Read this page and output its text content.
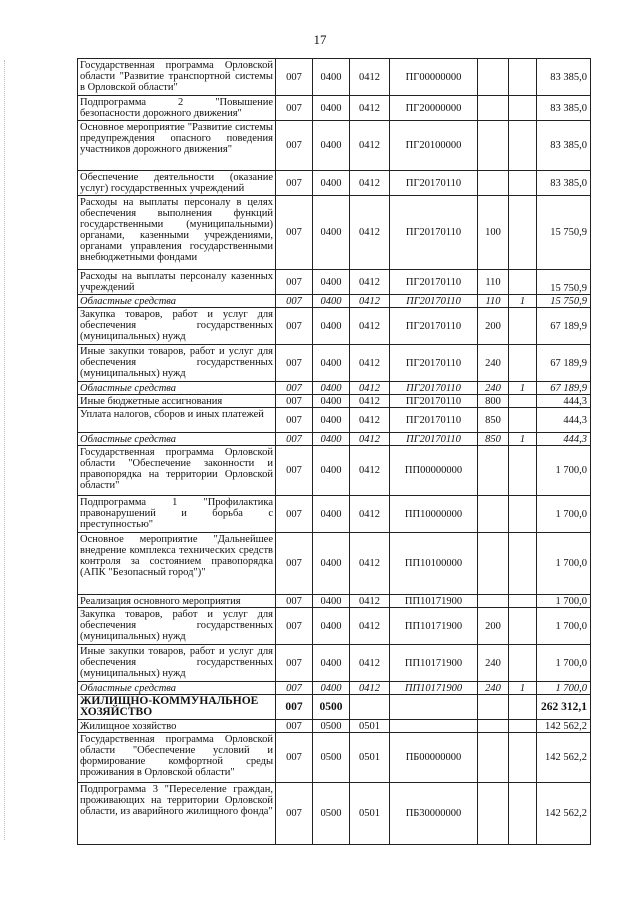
17
Государственная программа Орловской области "Развитие транспортной системы в Орловской области"	007	0400	0412	ПГ00000000			83 385,0
Подпрограмма 2 "Повышение безопасности дорожного движения"	007	0400	0412	ПГ20000000			83 385,0
Основное мероприятие "Развитие системы предупреждения опасного поведения участников дорожного движения"	007	0400	0412	ПГ20100000			83 385,0
Обеспечение деятельности (оказание услуг) государственных учреждений	007	0400	0412	ПГ20170110			83 385,0
Расходы на выплаты персоналу в целях обеспечения выполнения функций государственными (муниципальными) органами, казенными учреждениями, органами управления государственными внебюджетными фондами	007	0400	0412	ПГ20170110	100		15 750,9
Расходы на выплаты персоналу казенных учреждений	007	0400	0412	ПГ20170110	110		15 750,9
Областные средства	007	0400	0412	ПГ20170110	110	1	15 750,9
Закупка товаров, работ и услуг для обеспечения государственных (муниципальных) нужд	007	0400	0412	ПГ20170110	200		67 189,9
Иные закупки товаров, работ и услуг для обеспечения государственных (муниципальных) нужд	007	0400	0412	ПГ20170110	240		67 189,9
Областные средства	007	0400	0412	ПГ20170110	240	1	67 189,9
Иные бюджетные ассигнования	007	0400	0412	ПГ20170110	800		444,3
Уплата налогов, сборов и иных платежей	007	0400	0412	ПГ20170110	850		444,3
Областные средства	007	0400	0412	ПГ20170110	850	1	444,3
Государственная программа Орловской области "Обеспечение законности и правопорядка на территории Орловской области"	007	0400	0412	ПП00000000			1 700,0
Подпрограмма 1 "Профилактика правонарушений и борьба с преступностью"	007	0400	0412	ПП10000000			1 700,0
Основное мероприятие "Дальнейшее внедрение комплекса технических средств контроля за состоянием правопорядка (АПК "Безопасный город")"	007	0400	0412	ПП10100000			1 700,0
Реализация основного мероприятия	007	0400	0412	ПП10171900			1 700,0
Закупка товаров, работ и услуг для обеспечения государственных (муниципальных) нужд	007	0400	0412	ПП10171900	200		1 700,0
Иные закупки товаров, работ и услуг для обеспечения государственных (муниципальных) нужд	007	0400	0412	ПП10171900	240		1 700,0
Областные средства	007	0400	0412	ПП10171900	240	1	1 700,0
ЖИЛИЩНО-КОММУНАЛЬНОЕ ХОЗЯЙСТВО	007	0500					262 312,1
Жилищное хозяйство	007	0500	0501				142 562,2
Государственная программа Орловской области "Обеспечение условий и формирование комфортной среды проживания в Орловской области"	007	0500	0501	ПБ00000000			142 562,2
Подпрограмма 3 "Переселение граждан, проживающих на территории Орловской области, из аварийного жилищного фонда"	007	0500	0501	ПБ30000000			142 562,2
